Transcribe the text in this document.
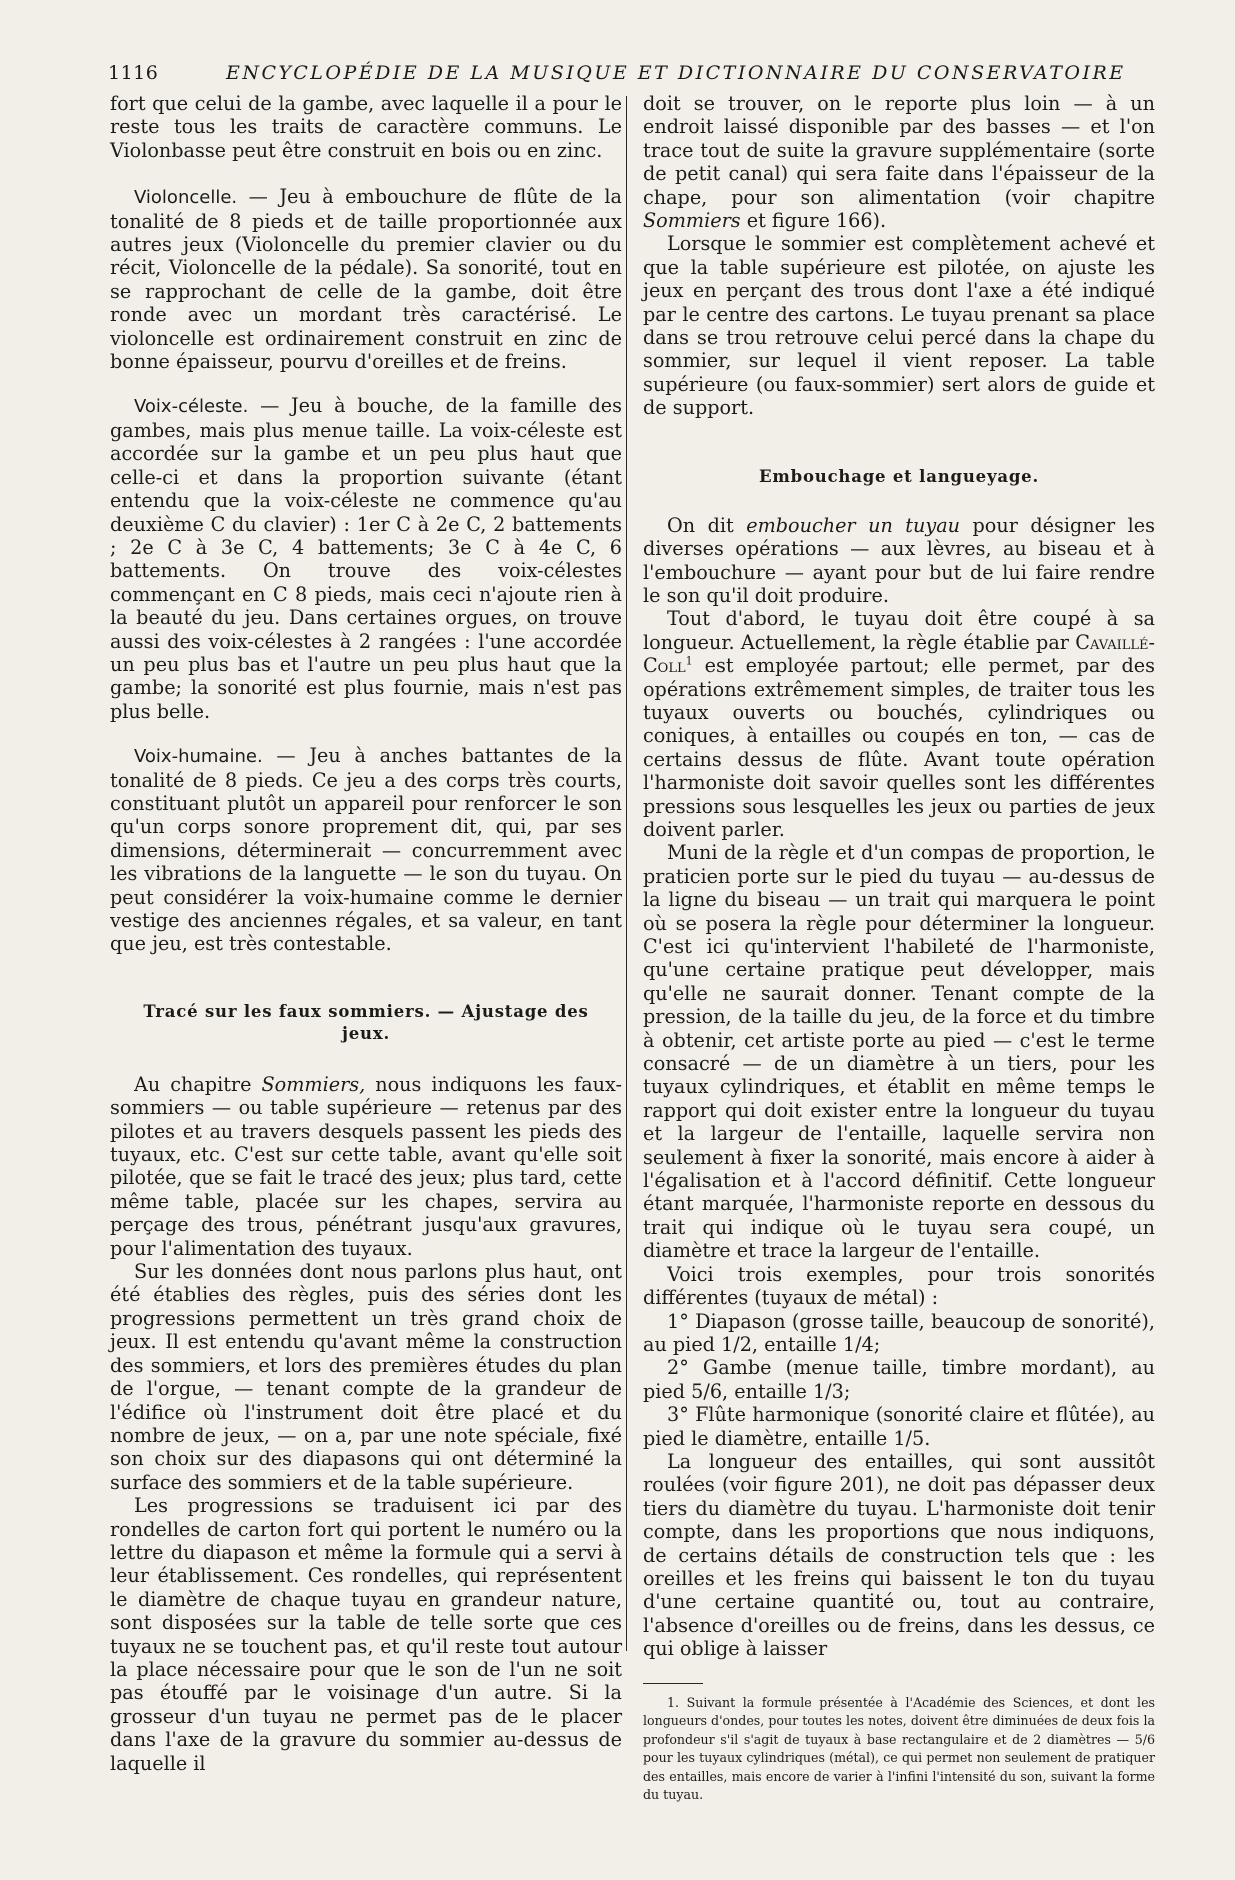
1116	ENCYCLOPÉDIE DE LA MUSIQUE ET DICTIONNAIRE DU CONSERVATOIRE

fort que celui de la gambe, avec laquelle il a pour le reste tous les traits de caractère communs. Le Violonbasse peut être construit en bois ou en zinc.

Violoncelle. — Jeu à embouchure de flûte de la tonalité de 8 pieds et de taille proportionnée aux autres jeux (Violoncelle du premier clavier ou du récit, Violoncelle de la pédale). Sa sonorité, tout en se rapprochant de celle de la gambe, doit être ronde avec un mordant très caractérisé. Le violoncelle est ordinairement construit en zinc de bonne épaisseur, pourvu d'oreilles et de freins.

Voix-céleste. — Jeu à bouche, de la famille des gambes, mais plus menue taille. La voix-céleste est accordée sur la gambe et un peu plus haut que celle-ci et dans la proportion suivante (étant entendu que la voix-céleste ne commence qu'au deuxième C du clavier) : 1er C à 2e C, 2 battements ; 2e C à 3e C, 4 battements; 3e C à 4e C, 6 battements. On trouve des voix-célestes commençant en C 8 pieds, mais ceci n'ajoute rien à la beauté du jeu. Dans certaines orgues, on trouve aussi des voix-célestes à 2 rangées : l'une accordée un peu plus bas et l'autre un peu plus haut que la gambe; la sonorité est plus fournie, mais n'est pas plus belle.

Voix-humaine. — Jeu à anches battantes de la tonalité de 8 pieds. Ce jeu a des corps très courts, constituant plutôt un appareil pour renforcer le son qu'un corps sonore proprement dit, qui, par ses dimensions, déterminerait — concurremment avec les vibrations de la languette — le son du tuyau. On peut considérer la voix-humaine comme le dernier vestige des anciennes régales, et sa valeur, en tant que jeu, est très contestable.

Tracé sur les faux sommiers. — Ajustage des jeux.

Au chapitre Sommiers, nous indiquons les faux-sommiers — ou table supérieure — retenus par des pilotes et au travers desquels passent les pieds des tuyaux, etc. C'est sur cette table, avant qu'elle soit pilotée, que se fait le tracé des jeux; plus tard, cette même table, placée sur les chapes, servira au perçage des trous, pénétrant jusqu'aux gravures, pour l'alimentation des tuyaux.

Sur les données dont nous parlons plus haut, ont été établies des règles, puis des séries dont les progressions permettent un très grand choix de jeux. Il est entendu qu'avant même la construction des sommiers, et lors des premières études du plan de l'orgue, — tenant compte de la grandeur de l'édifice où l'instrument doit être placé et du nombre de jeux, — on a, par une note spéciale, fixé son choix sur des diapasons qui ont déterminé la surface des sommiers et de la table supérieure.

Les progressions se traduisent ici par des rondelles de carton fort qui portent le numéro ou la lettre du diapason et même la formule qui a servi à leur établissement. Ces rondelles, qui représentent le diamètre de chaque tuyau en grandeur nature, sont disposées sur la table de telle sorte que ces tuyaux ne se touchent pas, et qu'il reste tout autour la place nécessaire pour que le son de l'un ne soit pas étouffé par le voisinage d'un autre. Si la grosseur d'un tuyau ne permet pas de le placer dans l'axe de la gravure du sommier au-dessus de laquelle il

doit se trouver, on le reporte plus loin — à un endroit laissé disponible par des basses — et l'on trace tout de suite la gravure supplémentaire (sorte de petit canal) qui sera faite dans l'épaisseur de la chape, pour son alimentation (voir chapitre Sommiers et figure 166).

Lorsque le sommier est complètement achevé et que la table supérieure est pilotée, on ajuste les jeux en perçant des trous dont l'axe a été indiqué par le centre des cartons. Le tuyau prenant sa place dans se trou retrouve celui percé dans la chape du sommier, sur lequel il vient reposer. La table supérieure (ou faux-sommier) sert alors de guide et de support.

Embouchage et langueyage.

On dit emboucher un tuyau pour désigner les diverses opérations — aux lèvres, au biseau et à l'embouchure — ayant pour but de lui faire rendre le son qu'il doit produire.

Tout d'abord, le tuyau doit être coupé à sa longueur. Actuellement, la règle établie par Cavaillé-Coll$^1$ est employée partout; elle permet, par des opérations extrêmement simples, de traiter tous les tuyaux ouverts ou bouchés, cylindriques ou coniques, à entailles ou coupés en ton, — cas de certains dessus de flûte. Avant toute opération l'harmoniste doit savoir quelles sont les différentes pressions sous lesquelles les jeux ou parties de jeux doivent parler.

Muni de la règle et d'un compas de proportion, le praticien porte sur le pied du tuyau — au-dessus de la ligne du biseau — un trait qui marquera le point où se posera la règle pour déterminer la longueur. C'est ici qu'intervient l'habileté de l'harmoniste, qu'une certaine pratique peut développer, mais qu'elle ne saurait donner. Tenant compte de la pression, de la taille du jeu, de la force et du timbre à obtenir, cet artiste porte au pied — c'est le terme consacré — de un diamètre à un tiers, pour les tuyaux cylindriques, et établit en même temps le rapport qui doit exister entre la longueur du tuyau et la largeur de l'entaille, laquelle servira non seulement à fixer la sonorité, mais encore à aider à l'égalisation et à l'accord définitif. Cette longueur étant marquée, l'harmoniste reporte en dessous du trait qui indique où le tuyau sera coupé, un diamètre et trace la largeur de l'entaille.

Voici trois exemples, pour trois sonorités différentes (tuyaux de métal) :

1° Diapason (grosse taille, beaucoup de sonorité), au pied 1/2, entaille 1/4;

2° Gambe (menue taille, timbre mordant), au pied 5/6, entaille 1/3;

3° Flûte harmonique (sonorité claire et flûtée), au pied le diamètre, entaille 1/5.

La longueur des entailles, qui sont aussitôt roulées (voir figure 201), ne doit pas dépasser deux tiers du diamètre du tuyau. L'harmoniste doit tenir compte, dans les proportions que nous indiquons, de certains détails de construction tels que : les oreilles et les freins qui baissent le ton du tuyau d'une certaine quantité ou, tout au contraire, l'absence d'oreilles ou de freins, dans les dessus, ce qui oblige à laisser

1. Suivant la formule présentée à l'Académie des Sciences, et dont les longueurs d'ondes, pour toutes les notes, doivent être diminuées de deux fois la profondeur s'il s'agit de tuyaux à base rectangulaire et de 2 diamètres — 5/6 pour les tuyaux cylindriques (métal), ce qui permet non seulement de pratiquer des entailles, mais encore de varier à l'infini l'intensité du son, suivant la forme du tuyau.
